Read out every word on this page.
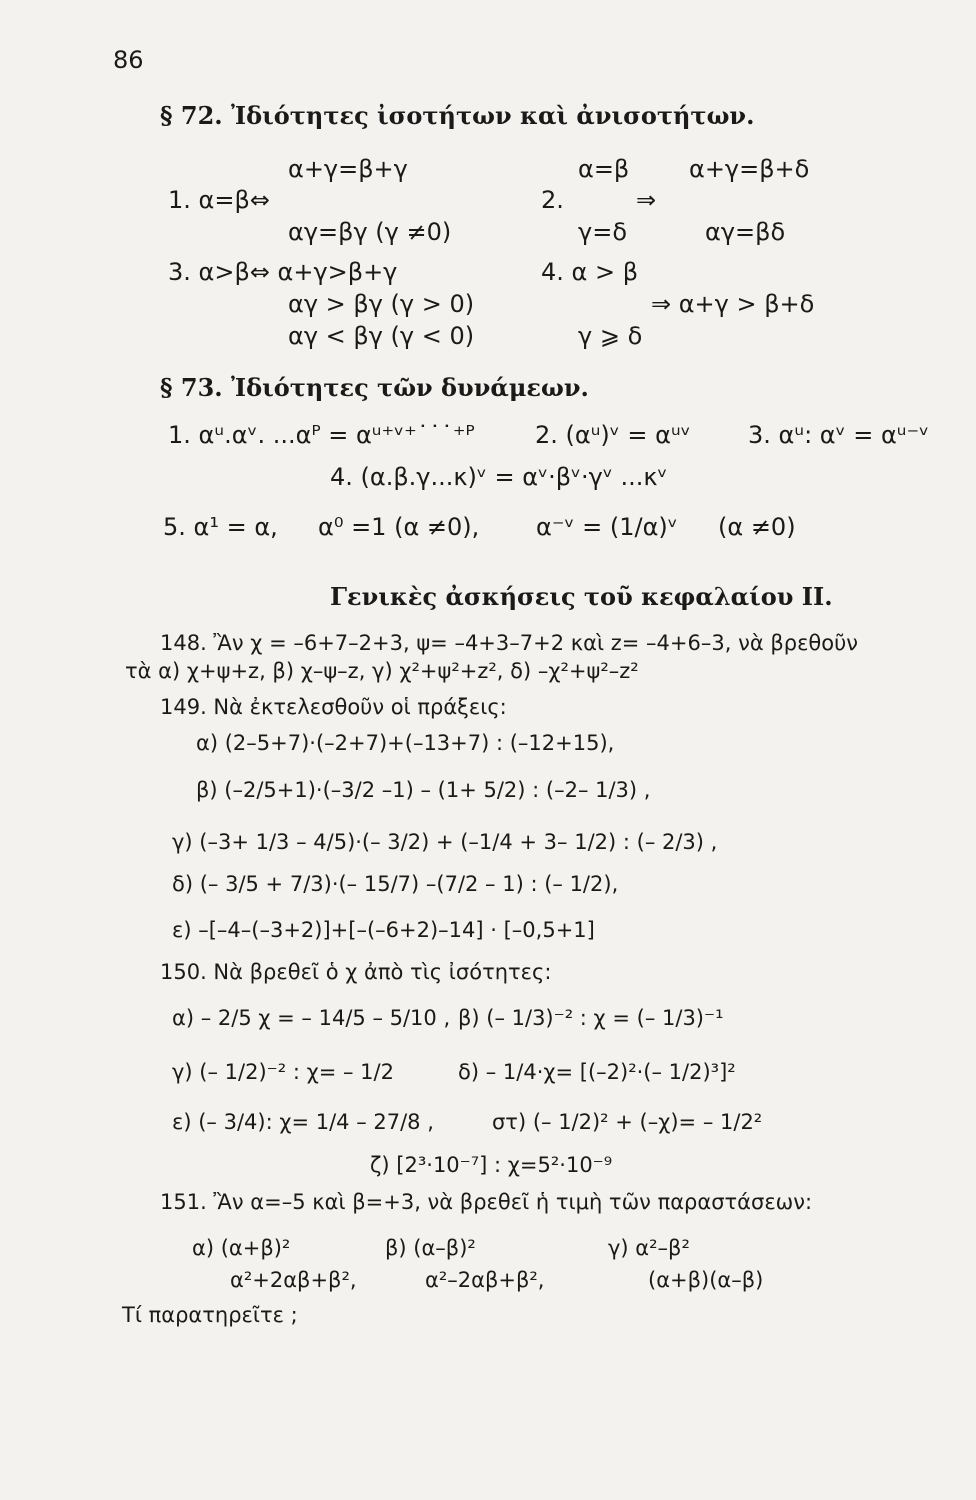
86
§ 72. Ἰδιότητες ἰσοτήτων καὶ ἀνισοτήτων.
α+γ=β+γ
1. α=β⇔
αγ=βγ (γ ≠0)
α=β α+γ=β+δ
2.	⇒
γ=δ	αγ=βδ
3. α>β⇔ α+γ>β+γ
αγ > βγ (γ > 0)
αγ < βγ (γ < 0)
4. α > β
⇒ α+γ > β+δ
γ ⩾ δ
§ 73. Ἰδιότητες τῶν δυνάμεων.
1. αᵘ.αᵛ. ...αᴾ = αᵘ⁺ᵛ⁺˙˙˙⁺ᴾ	2. (αᵘ)ᵛ = αᵘᵛ 3. αᵘ: αᵛ = αᵘ⁻ᵛ
4. (α.β.γ...κ)ᵛ = αᵛ·βᵛ·γᵛ ...κᵛ
5. α¹ = α, α⁰ =1 (α ≠0), α⁻ᵛ = (1/α)ᵛ (α ≠0)
Γενικὲς ἀσκήσεις τοῦ κεφαλαίου ΙΙ.
148. Ἂν χ = –6+7–2+3, ψ= –4+3–7+2 καὶ z= –4+6–3, νὰ βρεθοῦν
τὰ α) χ+ψ+z, β) χ–ψ–z, γ) χ²+ψ²+z², δ) –χ²+ψ²–z²
149. Νὰ ἐκτελεσθοῦν οἱ πράξεις:
α) (2–5+7)·(–2+7)+(–13+7) : (–12+15),
β) (–2/5+1)·(–3/2 –1) – (1+ 5/2) : (–2– 1/3) ,
γ) (–3+ 1/3 – 4/5)·(– 3/2) + (–1/4 + 3– 1/2) : (– 2/3) ,
δ) (– 3/5 + 7/3)·(– 15/7) –(7/2 – 1) : (– 1/2),
ε) –[–4–(–3+2)]+[–(–6+2)–14] · [–0,5+1]
150. Νὰ βρεθεῖ ὁ χ ἀπὸ τὶς ἰσότητες:
α) – 2/5 χ = – 14/5 – 5/10 , β) (– 1/3)⁻² : χ = (– 1/3)⁻¹
γ) (– 1/2)⁻² : χ= – 1/2	δ) – 1/4·χ= [(–2)²·(– 1/2)³]²
ε) (– 3/4): χ= 1/4 – 27/8 ,	στ) (– 1/2)² + (–χ)= – 1/2²
ζ) [2³·10⁻⁷] : χ=5²·10⁻⁹
151. Ἂν α=–5 καὶ β=+3, νὰ βρεθεῖ ἡ τιμὴ τῶν παραστάσεων:
α) (α+β)²	β) (α–β)²	γ) α²–β²
α²+2αβ+β²,	α²–2αβ+β²,	(α+β)(α–β)
Τί παρατηρεῖτε ;
